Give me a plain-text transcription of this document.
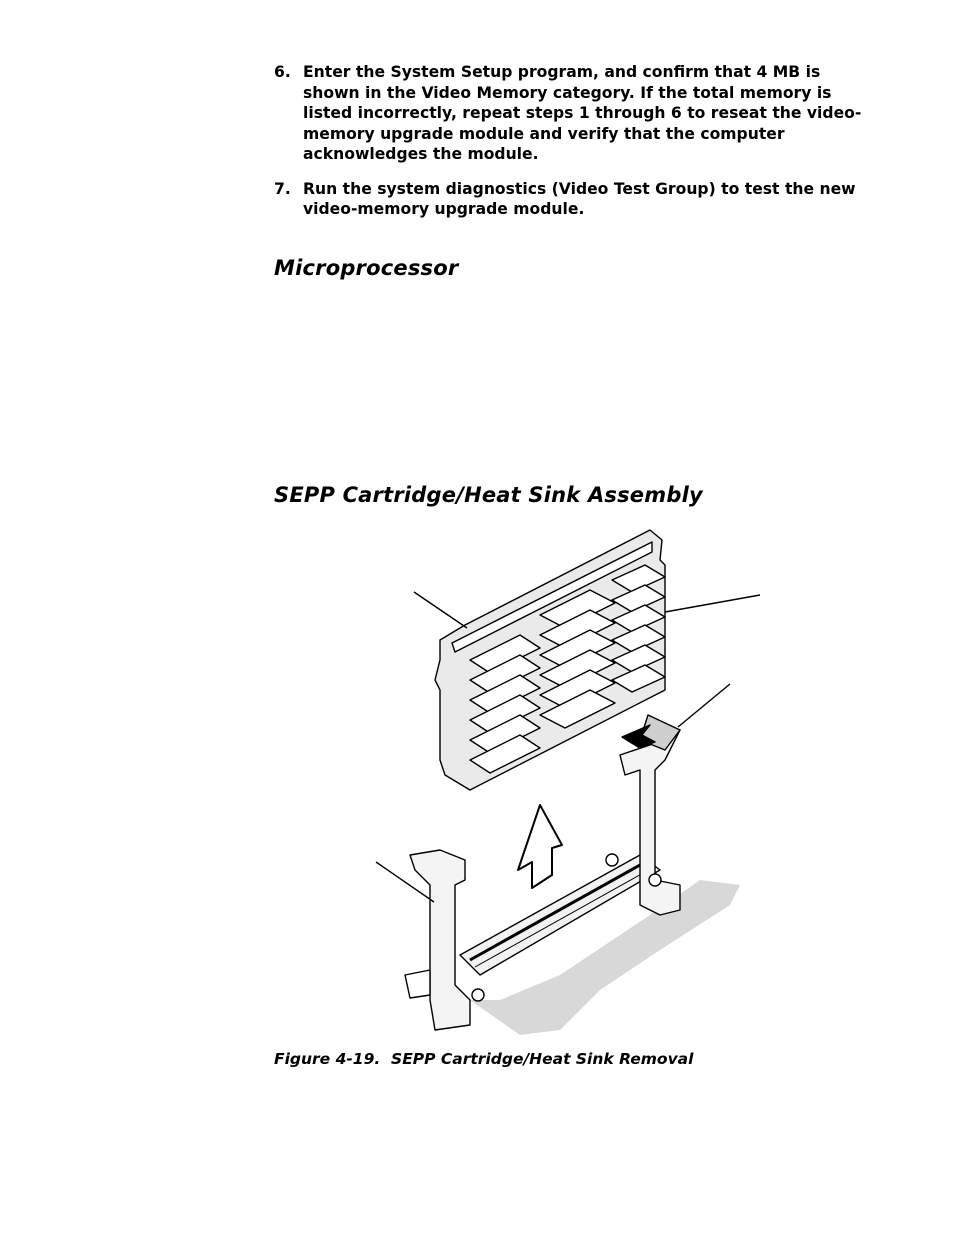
6. Enter the System Setup program, and confirm that 4 MB is shown in the Video Memory category. If the total memory is listed incorrectly, repeat steps 1 through 6 to reseat the video-memory upgrade module and verify that the computer acknowledges the module.
7. Run the system diagnostics (Video Test Group) to test the new video-memory upgrade module.
Microprocessor
SEPP Cartridge/Heat Sink Assembly
Figure 4-19.  SEPP Cartridge/Heat Sink Removal
